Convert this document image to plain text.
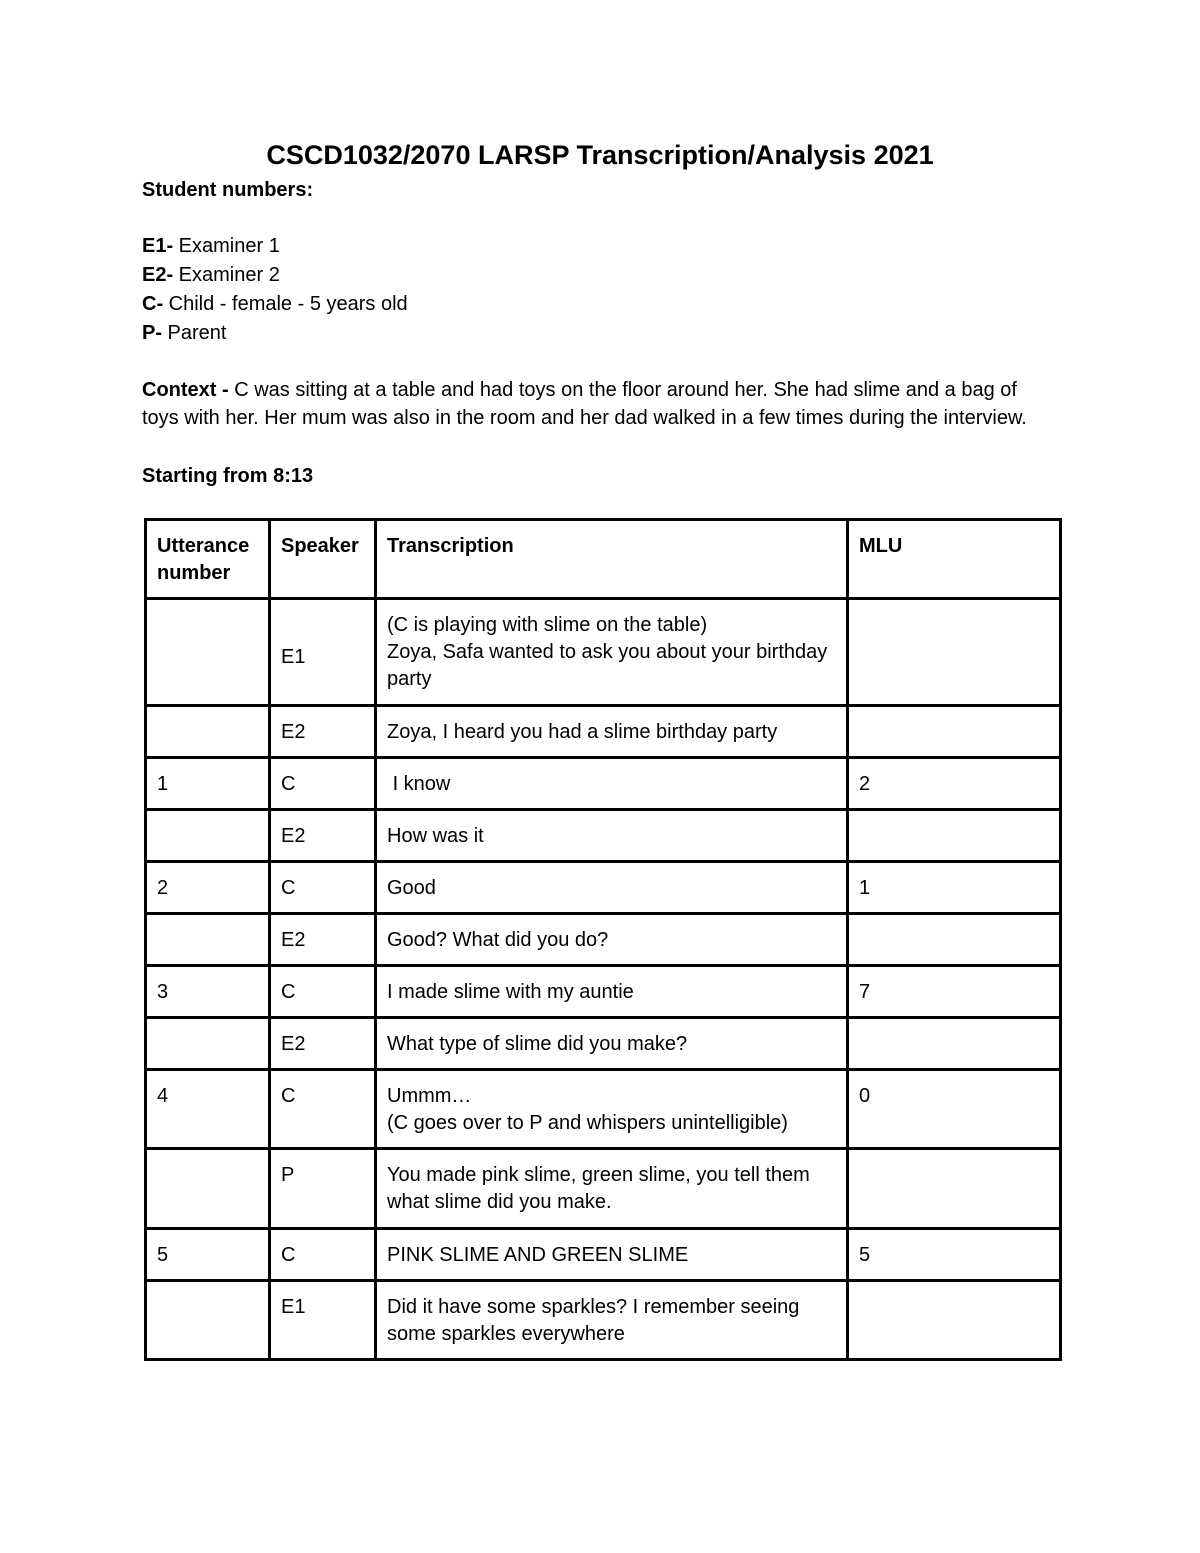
CSCD1032/2070 LARSP Transcription/Analysis 2021
Student numbers:
E1- Examiner 1
E2- Examiner 2
C- Child - female - 5 years old
P- Parent
Context - C was sitting at a table and had toys on the floor around her. She had slime and a bag of toys with her. Her mum was also in the room and her dad walked in a few times during the interview.
Starting from 8:13
Utterance number	Speaker	Transcription	MLU
	E1	(C is playing with slime on the table)
Zoya, Safa wanted to ask you about your birthday party	

	E2	Zoya, I heard you had a slime birthday party	

1	C	I know	2
	E2	How was it	

2	C	Good	1
	E2	Good? What did you do?	

3	C	I made slime with my auntie	7
	E2	What type of slime did you make?	

4	C	Ummm…
(C goes over to P and whispers unintelligible)	0
	P	You made pink slime, green slime, you tell them what slime did you make.	

5	C	PINK SLIME AND GREEN SLIME	5
	E1	Did it have some sparkles? I remember seeing some sparkles everywhere	
